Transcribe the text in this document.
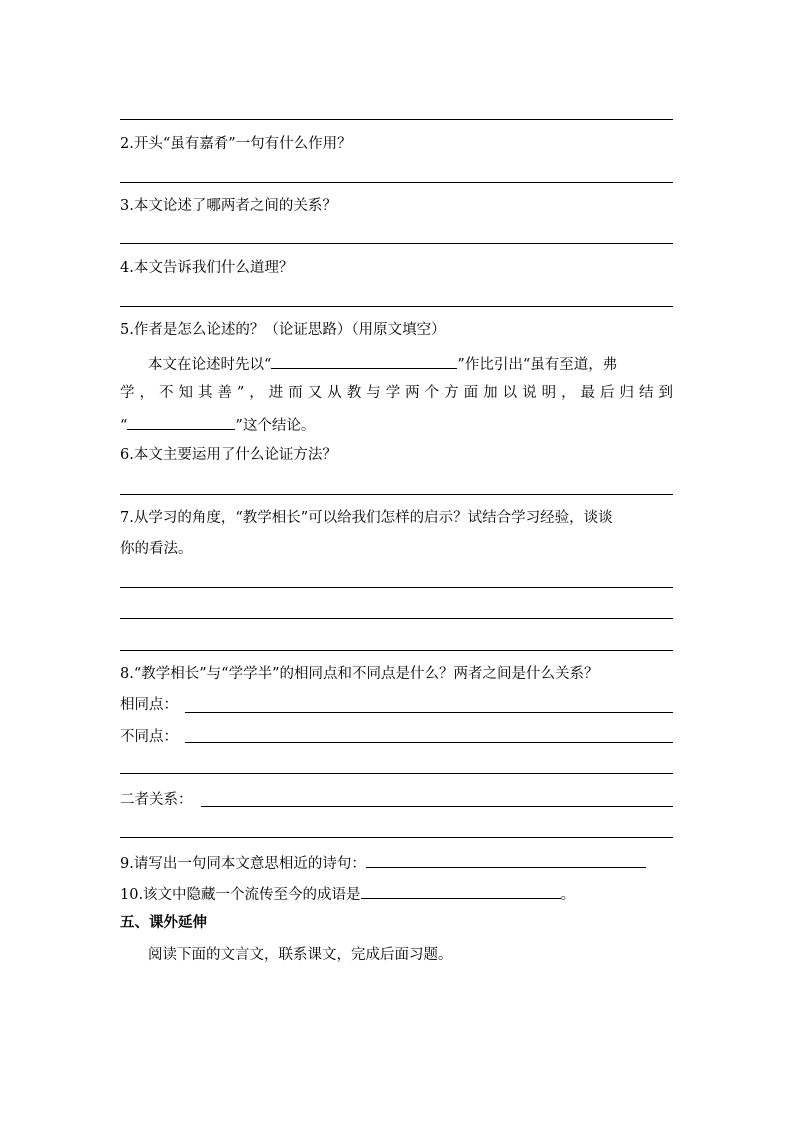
2.开头“虽有嘉肴”一句有什么作用？
3.本文论述了哪两者之间的关系？
4.本文告诉我们什么道理？
5.作者是怎么论述的？（论证思路）（用原文填空）
本文在论述时先以“	”作比引出“虽有至道，弗
学，不知其善”，进而又从教与学两个方面加以说明，最后归结到
“	”这个结论。
6.本文主要运用了什么论证方法？
7.从学习的角度，“教学相长”可以给我们怎样的启示？试结合学习经验，谈谈
你的看法。
8.“教学相长”与“学学半”的相同点和不同点是什么？两者之间是什么关系？
相同点：
不同点：
二者关系：
9.请写出一句同本文意思相近的诗句：
10.该文中隐藏一个流传至今的成语是	。
五、课外延伸
阅读下面的文言文，联系课文，完成后面习题。
